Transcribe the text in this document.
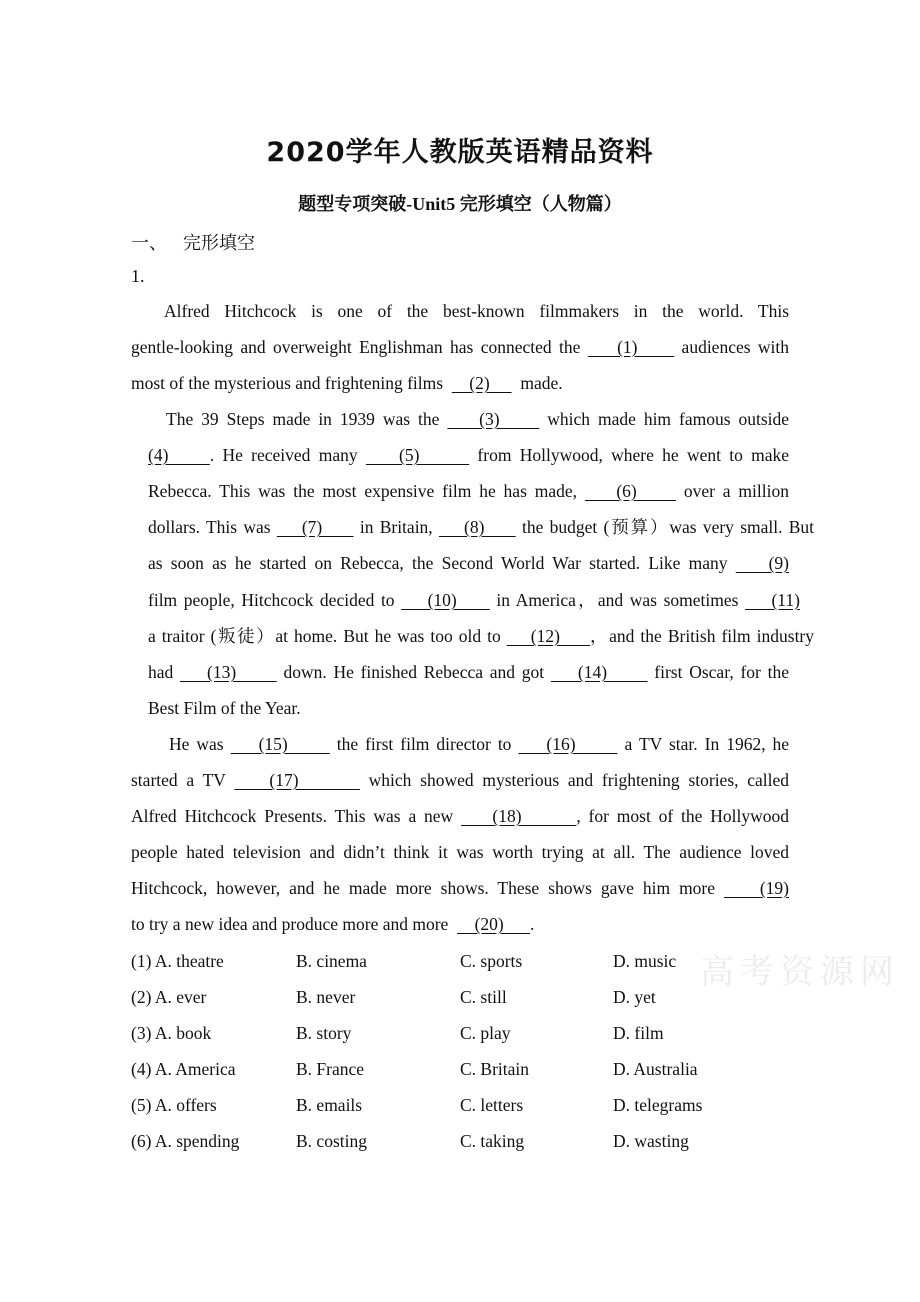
2020学年人教版英语精品资料
题型专项突破-Unit5 完形填空（人物篇）
一、 完形填空
1.
Alfred Hitchcock is one of the best-known filmmakers in the world. This
gentle-looking and overweight Englishman has connected the     (1)      audiences with
most of the mysterious and frightening films      (2)       made.
The 39 Steps made in 1939 was the     (3)      which made him famous outside
(4)     . He received many     (5)       from Hollywood, where he went to make
Rebecca. This was the most expensive film he has made,     (6)      over a million
dollars. This was     (7)      in Britain,     (8)      the budget (预算）was very small. But
as soon as he started on Rebecca, the Second World War started. Like many     (9)
film people, Hitchcock decided to     (10)      in America，and was sometimes     (11)
a traitor (叛徒）at home. But he was too old to     (12)     ，and the British film industry
had     (13)       down. He finished Rebecca and got     (14)       first Oscar, for the
Best Film of the Year.
He was     (15)       the first film director to     (16)       a TV star. In 1962, he
started a TV     (17)        which showed mysterious and frightening stories, called
Alfred Hitchcock Presents. This was a new     (18)       , for most of the Hollywood
people hated television and didn’t think it was worth trying at all. The audience loved
Hitchcock, however, and he made more shows. These shows gave him more     (19)
to try a new idea and produce more and more      (20)      .
高考资源网
(1) A. theatre	B. cinema	C. sports	D. music
(2) A. ever	B. never	C. still	D. yet
(3) A. book	B. story	C. play	D. film
(4) A. America	B. France	C. Britain	D. Australia
(5) A. offers	B. emails	C. letters	D. telegrams
(6) A. spending	B. costing	C. taking	D. wasting
